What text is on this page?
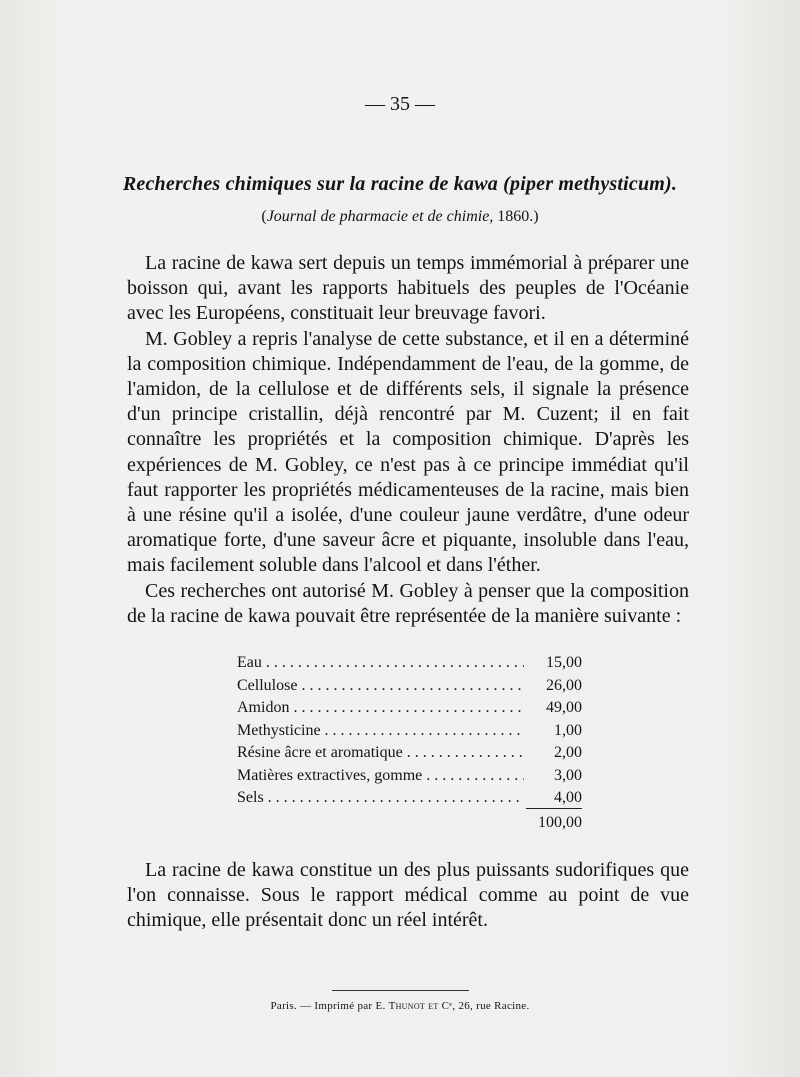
— 35 —
Recherches chimiques sur la racine de kawa (piper methysticum).
(Journal de pharmacie et de chimie, 1860.)

La racine de kawa sert depuis un temps immémorial à préparer une boisson qui, avant les rapports habituels des peuples de l'Océanie avec les Européens, constituait leur breuvage favori.

M. Gobley a repris l'analyse de cette substance, et il en a déterminé la composition chimique. Indépendamment de l'eau, de la gomme, de l'amidon, de la cellulose et de différents sels, il signale la présence d'un principe cristallin, déjà rencontré par M. Cuzent; il en fait connaître les propriétés et la composition chimique. D'après les expériences de M. Gobley, ce n'est pas à ce principe immédiat qu'il faut rapporter les propriétés médicamenteuses de la racine, mais bien à une résine qu'il a isolée, d'une couleur jaune verdâtre, d'une odeur aromatique forte, d'une saveur âcre et piquante, insoluble dans l'eau, mais facilement soluble dans l'alcool et dans l'éther.

Ces recherches ont autorisé M. Gobley à penser que la composition de la racine de kawa pouvait être représentée de la manière suivante :

Eau . . .	15,00
Cellulose . . .	26,00
Amidon . . .	49,00
Methysticine . . .	1,00
Résine âcre et aromatique . . .	2,00
Matières extractives, gomme . . .	3,00
Sels . . .	4,00
100,00

La racine de kawa constitue un des plus puissants sudorifiques que l'on connaisse. Sous le rapport médical comme au point de vue chimique, elle présentait donc un réel intérêt.

Paris. — Imprimé par E. Thunot et Cᵉ, 26, rue Racine.
